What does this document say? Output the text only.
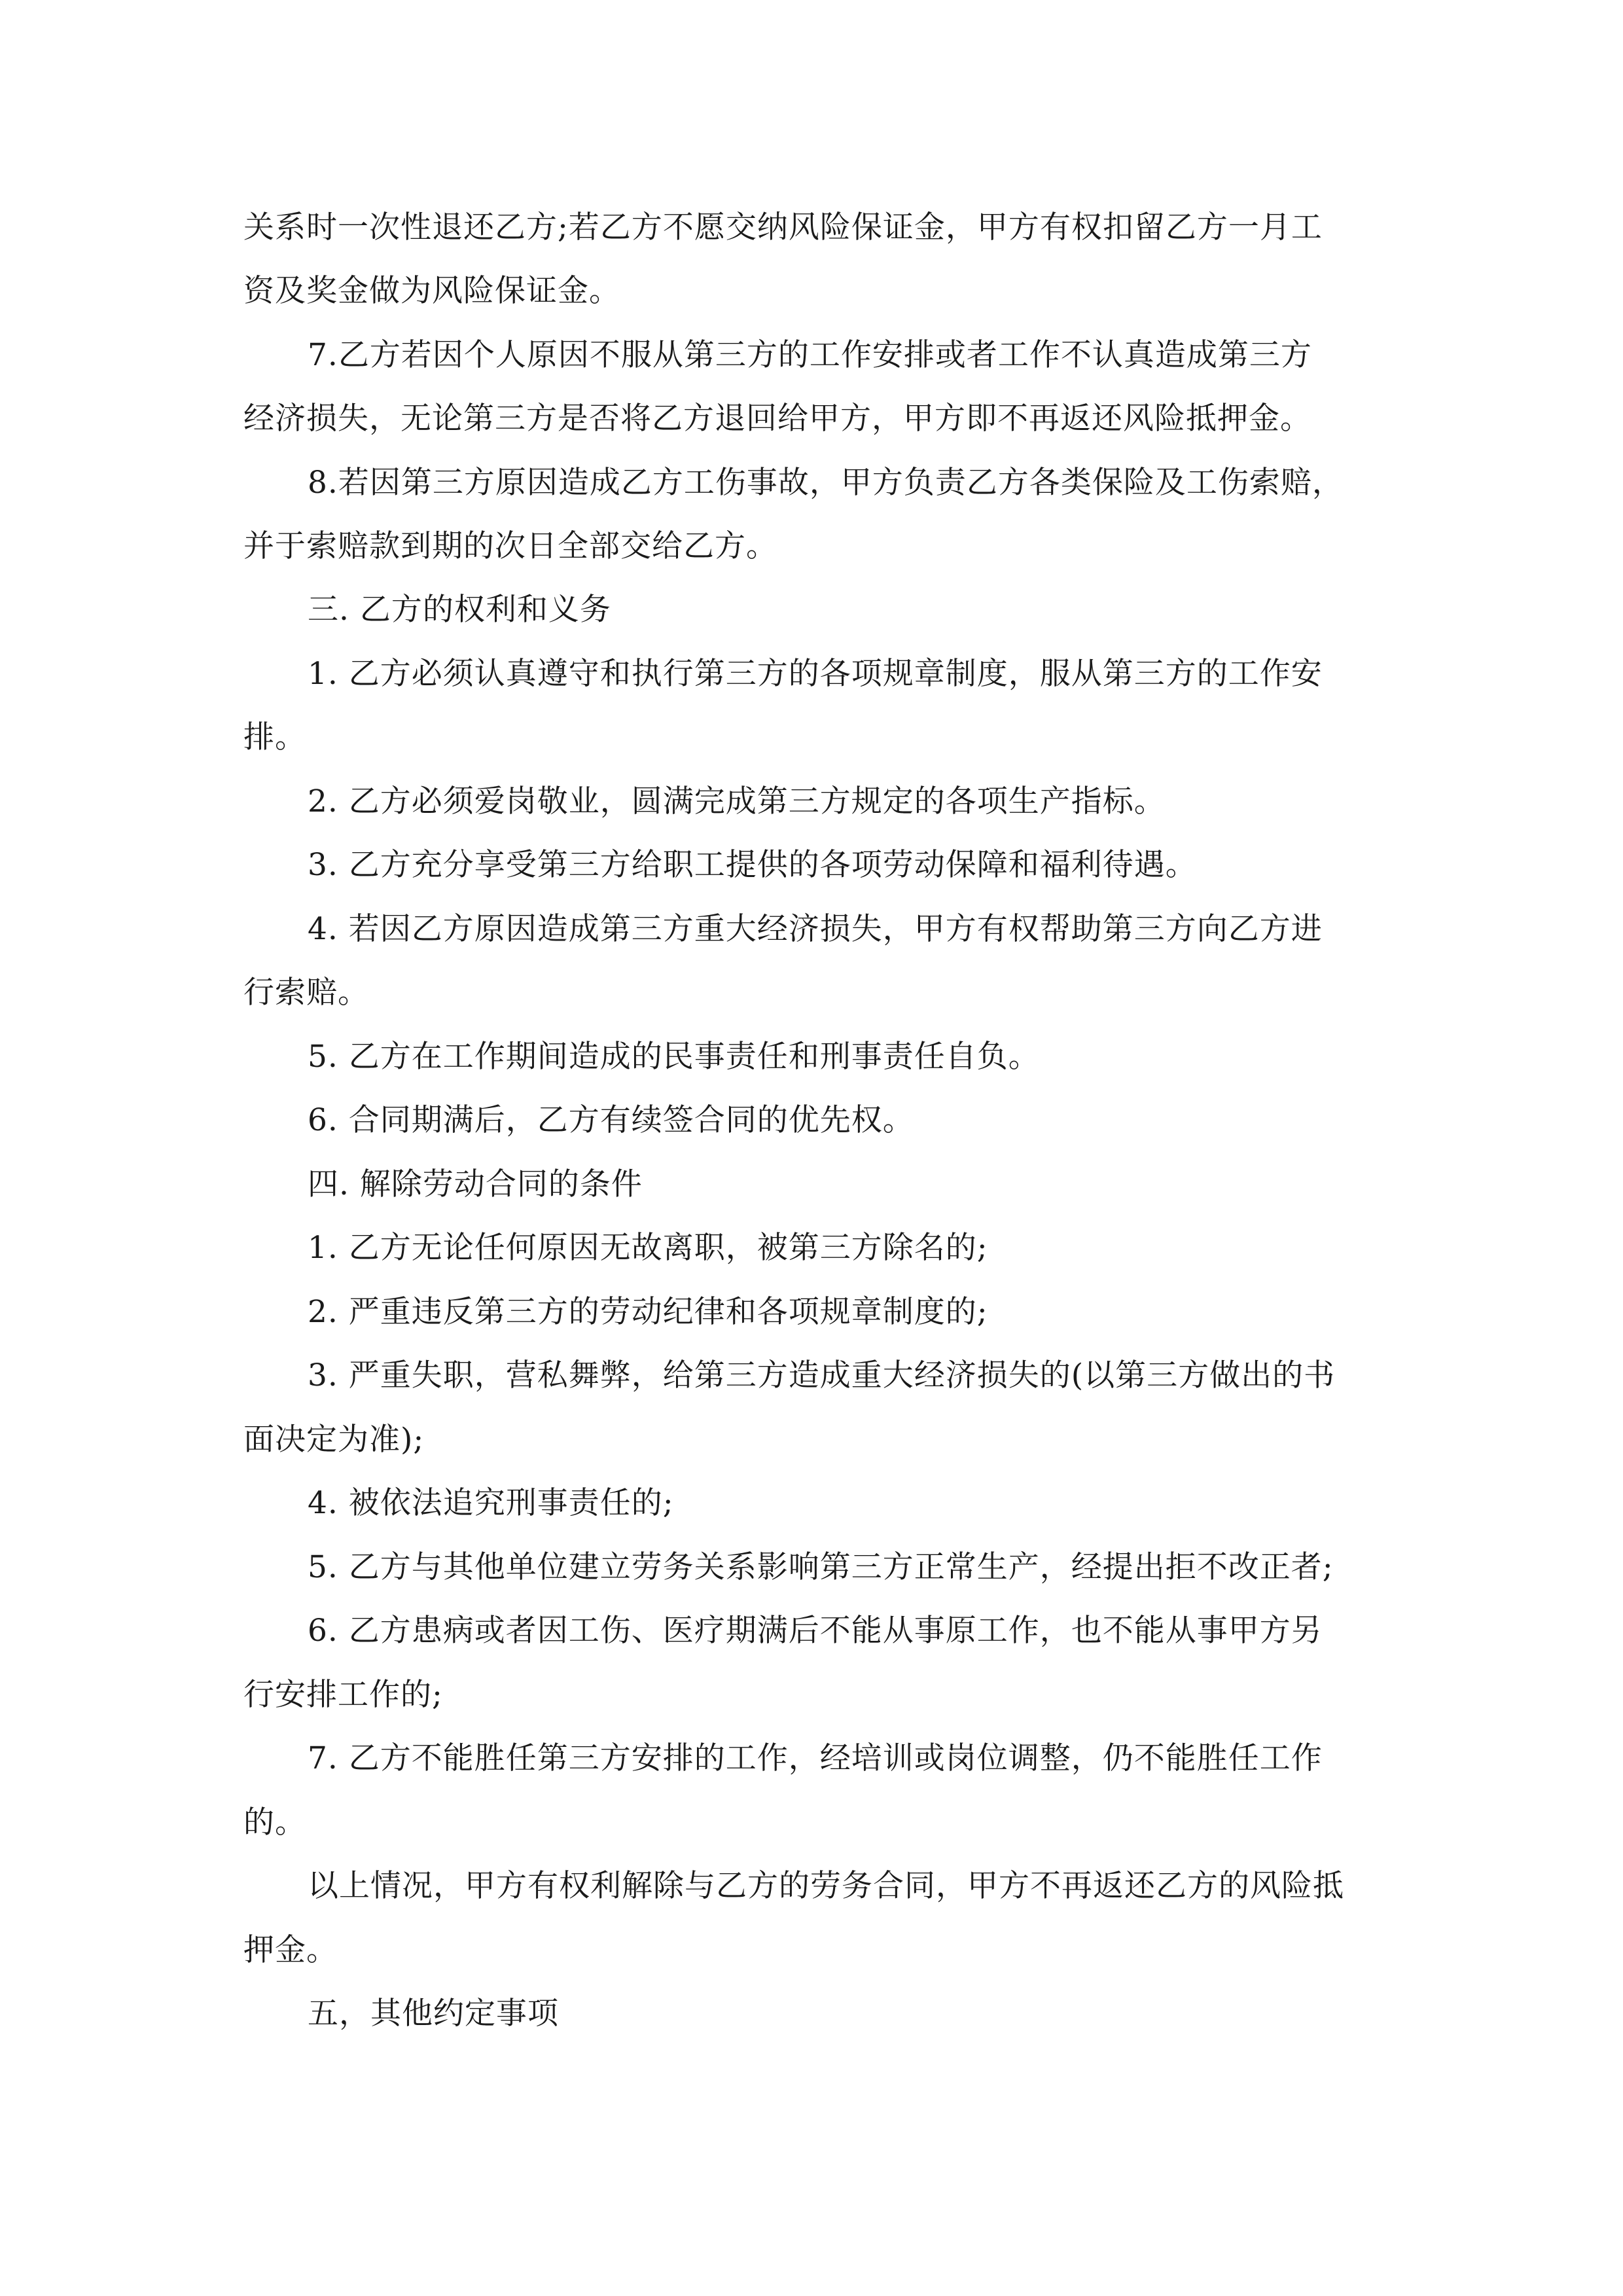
关系时一次性退还乙方;若乙方不愿交纳风险保证金，甲方有权扣留乙方一月工
资及奖金做为风险保证金。
7.乙方若因个人原因不服从第三方的工作安排或者工作不认真造成第三方
经济损失，无论第三方是否将乙方退回给甲方，甲方即不再返还风险抵押金。
8.若因第三方原因造成乙方工伤事故，甲方负责乙方各类保险及工伤索赔，
并于索赔款到期的次日全部交给乙方。
三. 乙方的权利和义务
1. 乙方必须认真遵守和执行第三方的各项规章制度，服从第三方的工作安
排。
2. 乙方必须爱岗敬业，圆满完成第三方规定的各项生产指标。
3. 乙方充分享受第三方给职工提供的各项劳动保障和福利待遇。
4. 若因乙方原因造成第三方重大经济损失，甲方有权帮助第三方向乙方进
行索赔。
5. 乙方在工作期间造成的民事责任和刑事责任自负。
6. 合同期满后，乙方有续签合同的优先权。
四. 解除劳动合同的条件
1. 乙方无论任何原因无故离职，被第三方除名的;
2. 严重违反第三方的劳动纪律和各项规章制度的;
3. 严重失职，营私舞弊，给第三方造成重大经济损失的(以第三方做出的书
面决定为准);
4. 被依法追究刑事责任的;
5. 乙方与其他单位建立劳务关系影响第三方正常生产，经提出拒不改正者;
6. 乙方患病或者因工伤、医疗期满后不能从事原工作，也不能从事甲方另
行安排工作的;
7. 乙方不能胜任第三方安排的工作，经培训或岗位调整，仍不能胜任工作
的。
以上情况，甲方有权利解除与乙方的劳务合同，甲方不再返还乙方的风险抵
押金。
五，其他约定事项
